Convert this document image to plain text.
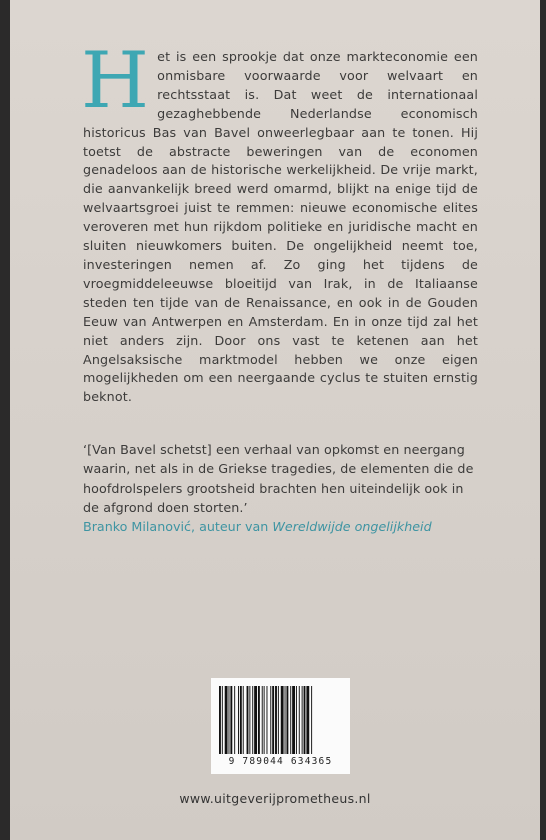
H et is een sprookje dat onze markteconomie een onmisbare voorwaarde voor welvaart en rechtsstaat is. Dat weet de internationaal gezaghebbende Nederlandse economisch historicus Bas van Bavel onweerlegbaar aan te tonen. Hij toetst de abstracte beweringen van de economen genadeloos aan de historische werkelijkheid. De vrije markt, die aanvankelijk breed werd omarmd, blijkt na enige tijd de welvaartsgroei juist te remmen: nieuwe economische elites veroveren met hun rijkdom politieke en juridische macht en sluiten nieuwkomers buiten. De ongelijkheid neemt toe, investeringen nemen af. Zo ging het tijdens de vroegmiddeleeuwse bloeitijd van Irak, in de Italiaanse steden ten tijde van de Renaissance, en ook in de Gouden Eeuw van Antwerpen en Amsterdam. En in onze tijd zal het niet anders zijn. Door ons vast te ketenen aan het Angelsaksische marktmodel hebben we onze eigen mogelijkheden om een neergaande cyclus te stuiten ernstig beknot.
‘[Van Bavel schetst] een verhaal van opkomst en neergang waarin, net als in de Griekse tragedies, de elementen die de hoofdrolspelers grootsheid brachten hen uiteindelijk ook in de afgrond doen storten.’
Branko Milanović, auteur van Wereldwijde ongelijkheid
9 789044 634365
www.uitgeverijprometheus.nl
